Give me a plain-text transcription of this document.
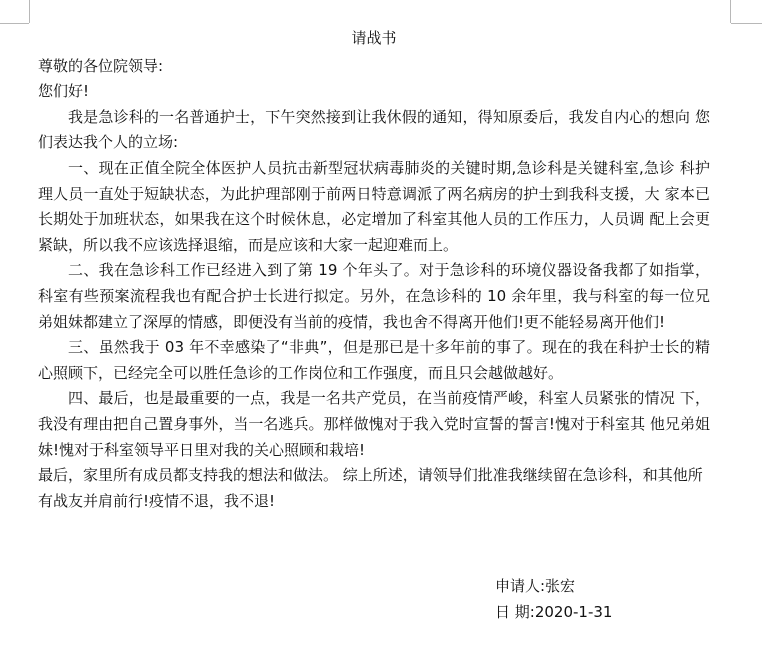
请战书

尊敬的各位院领导:

您们好!

我是急诊科的一名普通护士，下午突然接到让我休假的通知，得知原委后，我发自内心的想向 您们表达我个人的立场:

一、现在正值全院全体医护人员抗击新型冠状病毒肺炎的关键时期,急诊科是关键科室,急诊 科护理人员一直处于短缺状态，为此护理部刚于前两日特意调派了两名病房的护士到我科支援，大 家本已长期处于加班状态，如果我在这个时候休息，必定增加了科室其他人员的工作压力，人员调 配上会更紧缺，所以我不应该选择退缩，而是应该和大家一起迎难而上。

二、我在急诊科工作已经进入到了第 19 个年头了。对于急诊科的环境仪器设备我都了如指掌， 科室有些预案流程我也有配合护士长进行拟定。另外，在急诊科的 10 余年里，我与科室的每一位兄 弟姐妹都建立了深厚的情感，即便没有当前的疫情，我也舍不得离开他们!更不能轻易离开他们!

三、虽然我于 03 年不幸感染了“非典”，但是那已是十多年前的事了。现在的我在科护士长的精 心照顾下，已经完全可以胜任急诊的工作岗位和工作强度，而且只会越做越好。

四、最后，也是最重要的一点，我是一名共产党员，在当前疫情严峻，科室人员紧张的情况 下，我没有理由把自己置身事外，当一名逃兵。那样做愧对于我入党时宣誓的誓言!愧对于科室其 他兄弟姐妹!愧对于科室领导平日里对我的关心照顾和栽培!

最后，家里所有成员都支持我的想法和做法。 综上所述，请领导们批准我继续留在急诊科，和其他所有战友并肩前行!疫情不退，我不退!

申请人:张宏

日 期:2020-1-31
